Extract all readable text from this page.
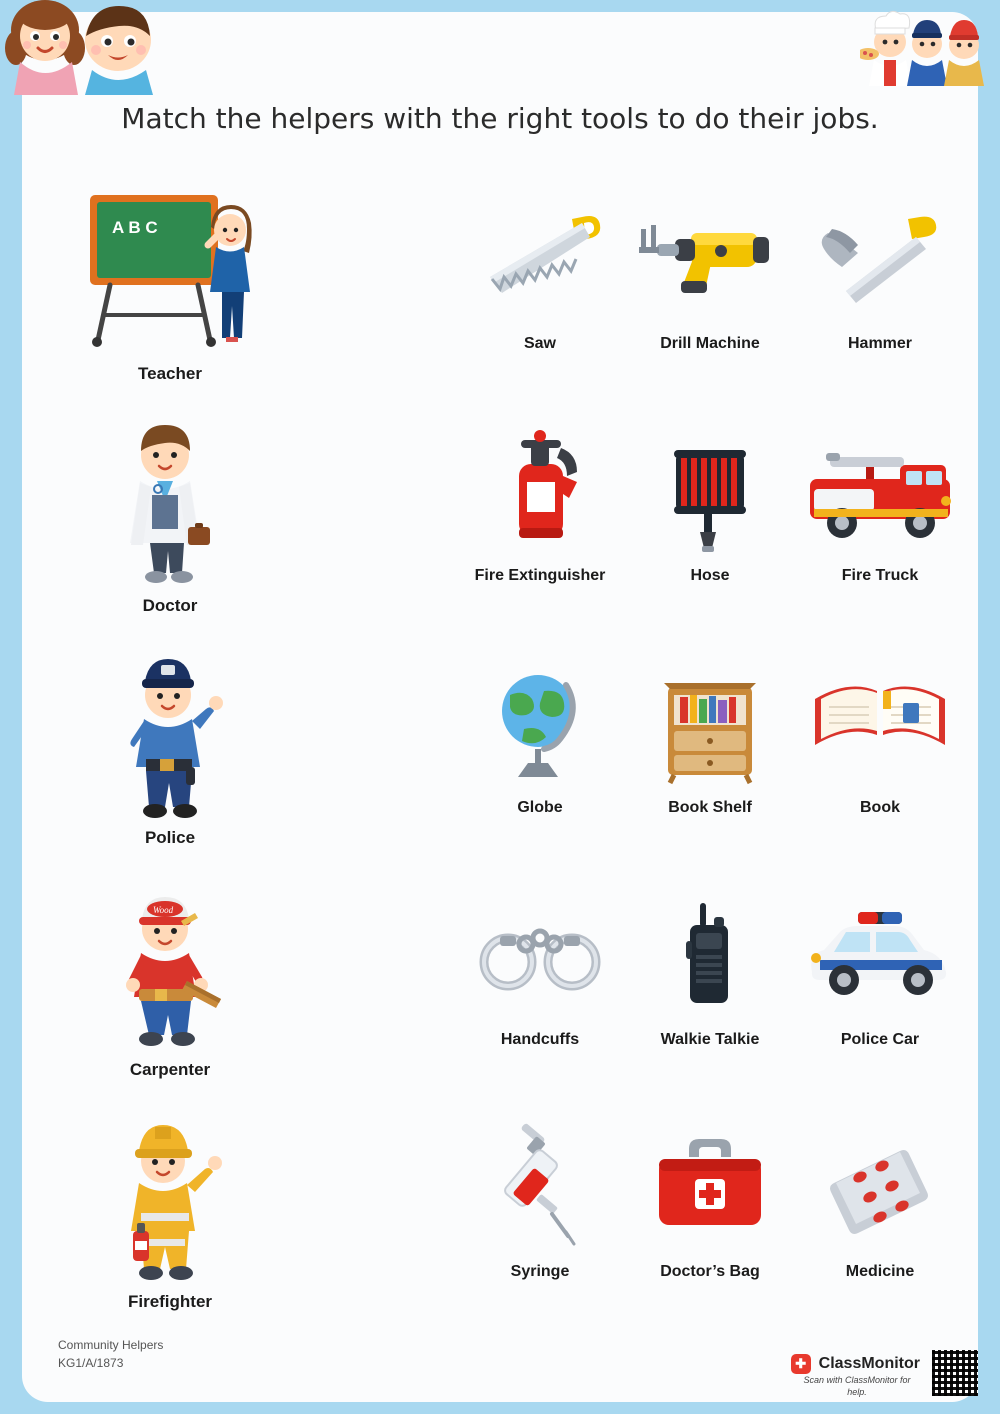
Match the helpers with the right tools to do their jobs.
A B C
Teacher
Doctor
Police
Wood
Carpenter
Firefighter
Saw	Drill Machine	Hammer
Fire Extinguisher	Hose	Fire Truck
Globe	Book Shelf	Book
Handcuffs	Walkie Talkie	Police Car
Syringe	Doctor’s Bag	Medicine
Community Helpers
KG1/A/1873	✚ ClassMonitor
Scan with ClassMonitor for help.
